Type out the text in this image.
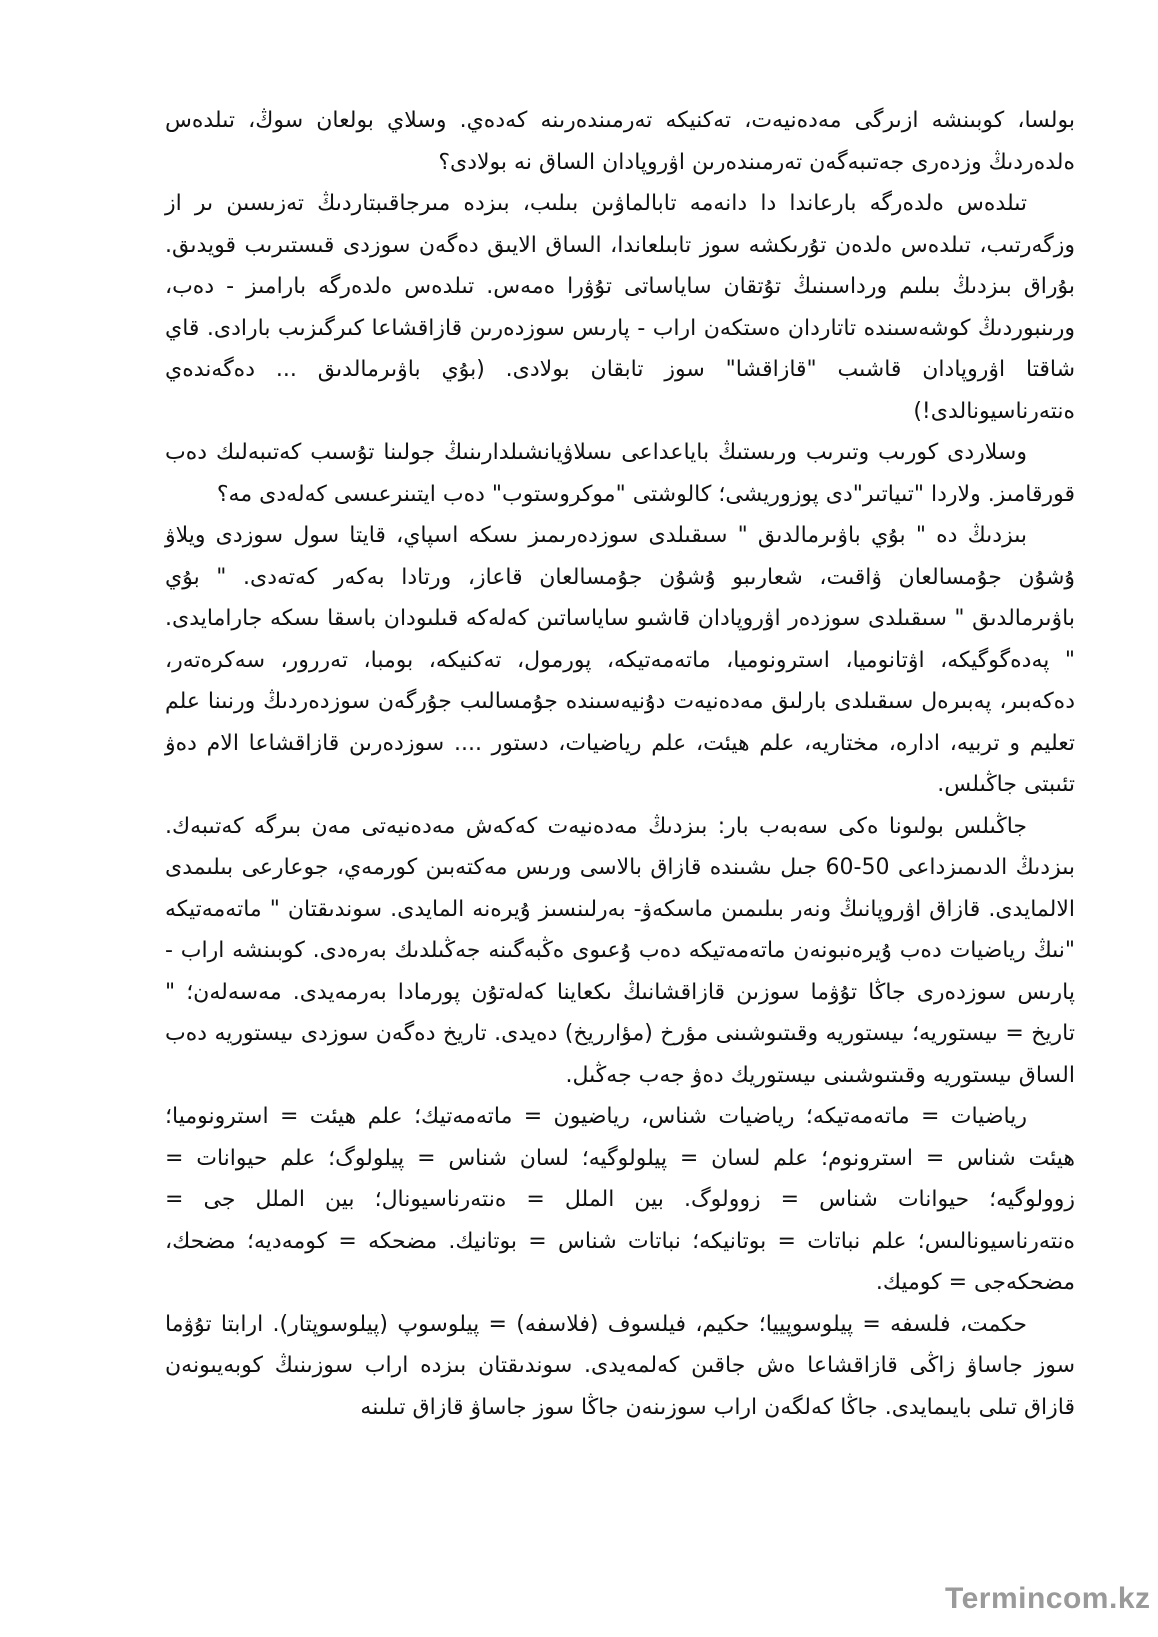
بولسا، كوبىنشە ازىرگى مەدەنيەت، تەكنيكە تەرمىندەرىنە كەدەي. وسلاي بولعان سوڭ، تىلدەس ەلدەردىڭ وزدەرى جەتىبەگەن تەرمىندەرىن اۋروپادان الساق نە بولادى؟

تىلدەس ەلدەرگە بارعاندا دا دانەمە تابالماۋىن بىلىب، بىزدە مىرجاقىبتاردىڭ تەزىسىن ىر از وزگەرتىب، تىلدەس ەلدەن تۇرىكشە سوز تابىلعاندا، الساق الايىق دەگەن سوزدى قىستىرىب قويدىق. بۇراق بىزدىڭ بىلىم ورداسىنىڭ تۇتقان ساياساتى تۇۋرا ەمەس. تىلدەس ەلدەرگە بارامىز - دەب، ورىنبوردىڭ كوشەسىندە تاتاردان ەستكەن اراب - پارىس سوزدەرىن قازاقشاعا كىرگىزىب بارادى. قاي شاقتا اۋروپادان قاشىب "قازاقشا" سوز تابقان بولادى. (بۇي باۋىرمالدىق ... دەگەندەي ەنتەرناسيونالدى!)

وسلاردى كورىب وتىرىب ورىستىڭ باياعداعى ىسلاۋيانشىلدارىنىڭ جولىنا تۇسىب كەتىبەلىك دەب قورقامىز. ولاردا "تىياتىر"دى پوزوريشى؛ كالوشتى "موكروستوب" دەب ايتىنرعىسى كەلەدى مە؟

بىزدىڭ دە " بۇي باۋىرمالدىق " سىقىلدى سوزدەرىمىز ىسكە اسپاي، قايتا سول سوزدى ويلاۋ ۇشۇن جۇمسالعان ۋاقىت، شعارىبو ۇشۇن جۇمسالعان قاعاز، ورتادا بەكەر كەتەدى. " بۇي باۋىرمالدىق " سىقىلدى سوزدەر اۋروپادان قاشىو ساياساتىن كەلەكە قىلىودان باسقا ىسكە جارامايدى. " پەدەگوگيكە، اۋتانوميا، استرونوميا، ماتەمەتيكە، پورمول، تەكنيكە، بومبا، تەررور، سەكرەتەر، دەكەبىر، پەبىرەل سىقىلدى بارلىق مەدەنيەت دۇنيەسىندە جۇمسالىب جۇرگەن سوزدەردىڭ ورنىنا علم تعليم و تربيه، اداره، مختاريه، علم هيئت، علم رياضيات، دستور .... سوزدەرىن قازاقشاعا الام دەۋ تئىبتى جاڭىلس.

جاڭىلس بولىونا ەكى سەبەب بار: بىزدىڭ مەدەنيەت كەكەش مەدەنيەتى مەن بىرگە كەتىبەك. بىزدىڭ الدىمىزداعى 50-60 جىل ىشىندە قازاق بالاسى ورىس مەكتەبىن كورمەي، جوعارعى بىلىمدى الالمايدى. قازاق اۋروپانىڭ ونەر بىلىمىن ماسكەۋ- بەرلىنسىز ۇيرەنە المايدى. سوندىقتان " ماتەمەتيكە "نىڭ رياضيات دەب ۇيرەنبونەن ماتەمەتيكە دەب ۇعىوى ەڭبەگىنە جەڭىلدىك بەرەدى. كوبىنشە اراب - پارىس سوزدەرى جاڭا تۇۋما سوزىن قازاقشانىڭ ىكعاينا كەلەتۇن پورمادا بەرمەيدى. مەسەلەن؛ " تاريخ = ىيستوريە؛ ىيستوريه وقىتىوشىنى مؤرخ (مؤارريخ) دەيدى. تاريخ دەگەن سوزدى ىيستوريه دەب الساق ىيستوريه وقىتىوشىنى ىيستوريك دەۋ جەب جەڭىل.

رياضيات = ماتەمەتيكە؛ رياضيات شناس، رياضيون = ماتەمەتيك؛ علم هيئت = استرونوميا؛ هيئت شناس = استرونوم؛ علم لسان = پيلولوگيه؛ لسان شناس = پيلولوگ؛ علم حيوانات = زوولوگيه؛ حيوانات شناس = زوولوگ. بين الملل = ەنتەرناسيونال؛ بين الملل جى = ەنتەرناسيونالىس؛ علم نباتات = بوتانيكە؛ نباتات شناس = بوتانيك. مضحكه = كومەديه؛ مضحك، مضحكەجى = كوميك.

حكمت، فلسفه = پيلوسوپييا؛ حكيم، فيلسوف (فلاسفه) = پيلوسوپ (پيلوسوپتار). ارابتا تۇۋما سوز جاساۋ زاڭى قازاقشاعا ەش جاقىن كەلمەيدى. سوندىقتان بىزدە اراب سوزىنىڭ كوبەيىونەن قازاق تىلى بايىمايدى. جاڭا كەلگەن اراب سوزىنەن جاڭا سوز جاساۋ قازاق تىلىنە

Termincom.kz
